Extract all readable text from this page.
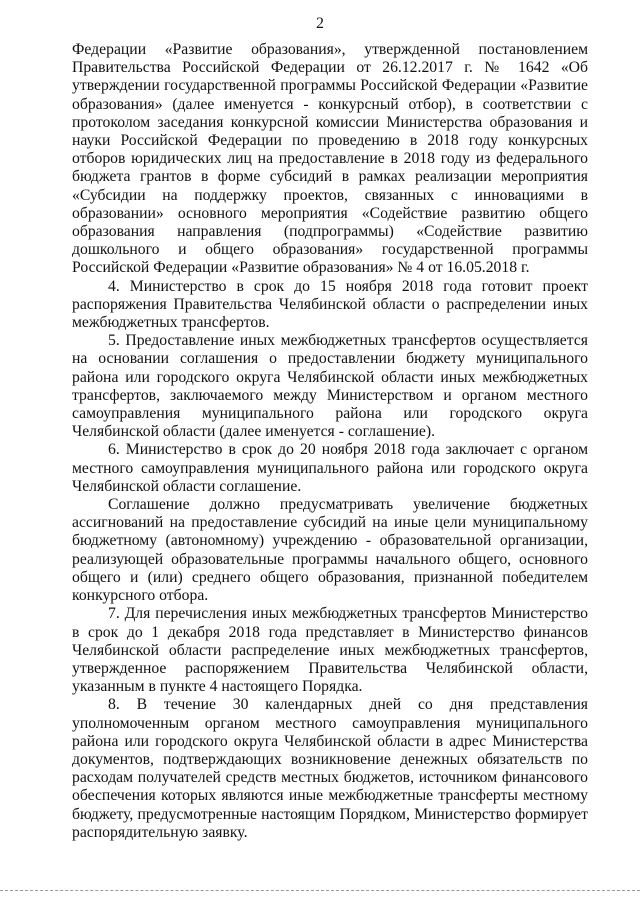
2

Федерации «Развитие образования», утвержденной постановлением Правительства Российской Федерации от 26.12.2017 г. № 1642 «Об утверждении государственной программы Российской Федерации «Развитие образования» (далее именуется - конкурсный отбор), в соответствии с протоколом заседания конкурсной комиссии Министерства образования и науки Российской Федерации по проведению в 2018 году конкурсных отборов юридических лиц на предоставление в 2018 году из федерального бюджета грантов в форме субсидий в рамках реализации мероприятия «Субсидии на поддержку проектов, связанных с инновациями в образовании» основного мероприятия «Содействие развитию общего образования направления (подпрограммы) «Содействие развитию дошкольного и общего образования» государственной программы Российской Федерации «Развитие образования» № 4 от 16.05.2018 г.

4. Министерство в срок до 15 ноября 2018 года готовит проект распоряжения Правительства Челябинской области о распределении иных межбюджетных трансфертов.

5. Предоставление иных межбюджетных трансфертов осуществляется на основании соглашения о предоставлении бюджету муниципального района или городского округа Челябинской области иных межбюджетных трансфертов, заключаемого между Министерством и органом местного самоуправления муниципального района или городского округа Челябинской области (далее именуется - соглашение).

6. Министерство в срок до 20 ноября 2018 года заключает с органом местного самоуправления муниципального района или городского округа Челябинской области соглашение.

Соглашение должно предусматривать увеличение бюджетных ассигнований на предоставление субсидий на иные цели муниципальному бюджетному (автономному) учреждению - образовательной организации, реализующей образовательные программы начального общего, основного общего и (или) среднего общего образования, признанной победителем конкурсного отбора.

7. Для перечисления иных межбюджетных трансфертов Министерство в срок до 1 декабря 2018 года представляет в Министерство финансов Челябинской области распределение иных межбюджетных трансфертов, утвержденное распоряжением Правительства Челябинской области, указанным в пункте 4 настоящего Порядка.

8. В течение 30 календарных дней со дня представления уполномоченным органом местного самоуправления муниципального района или городского округа Челябинской области в адрес Министерства документов, подтверждающих возникновение денежных обязательств по расходам получателей средств местных бюджетов, источником финансового обеспечения которых являются иные межбюджетные трансферты местному бюджету, предусмотренные настоящим Порядком, Министерство формирует распорядительную заявку.
